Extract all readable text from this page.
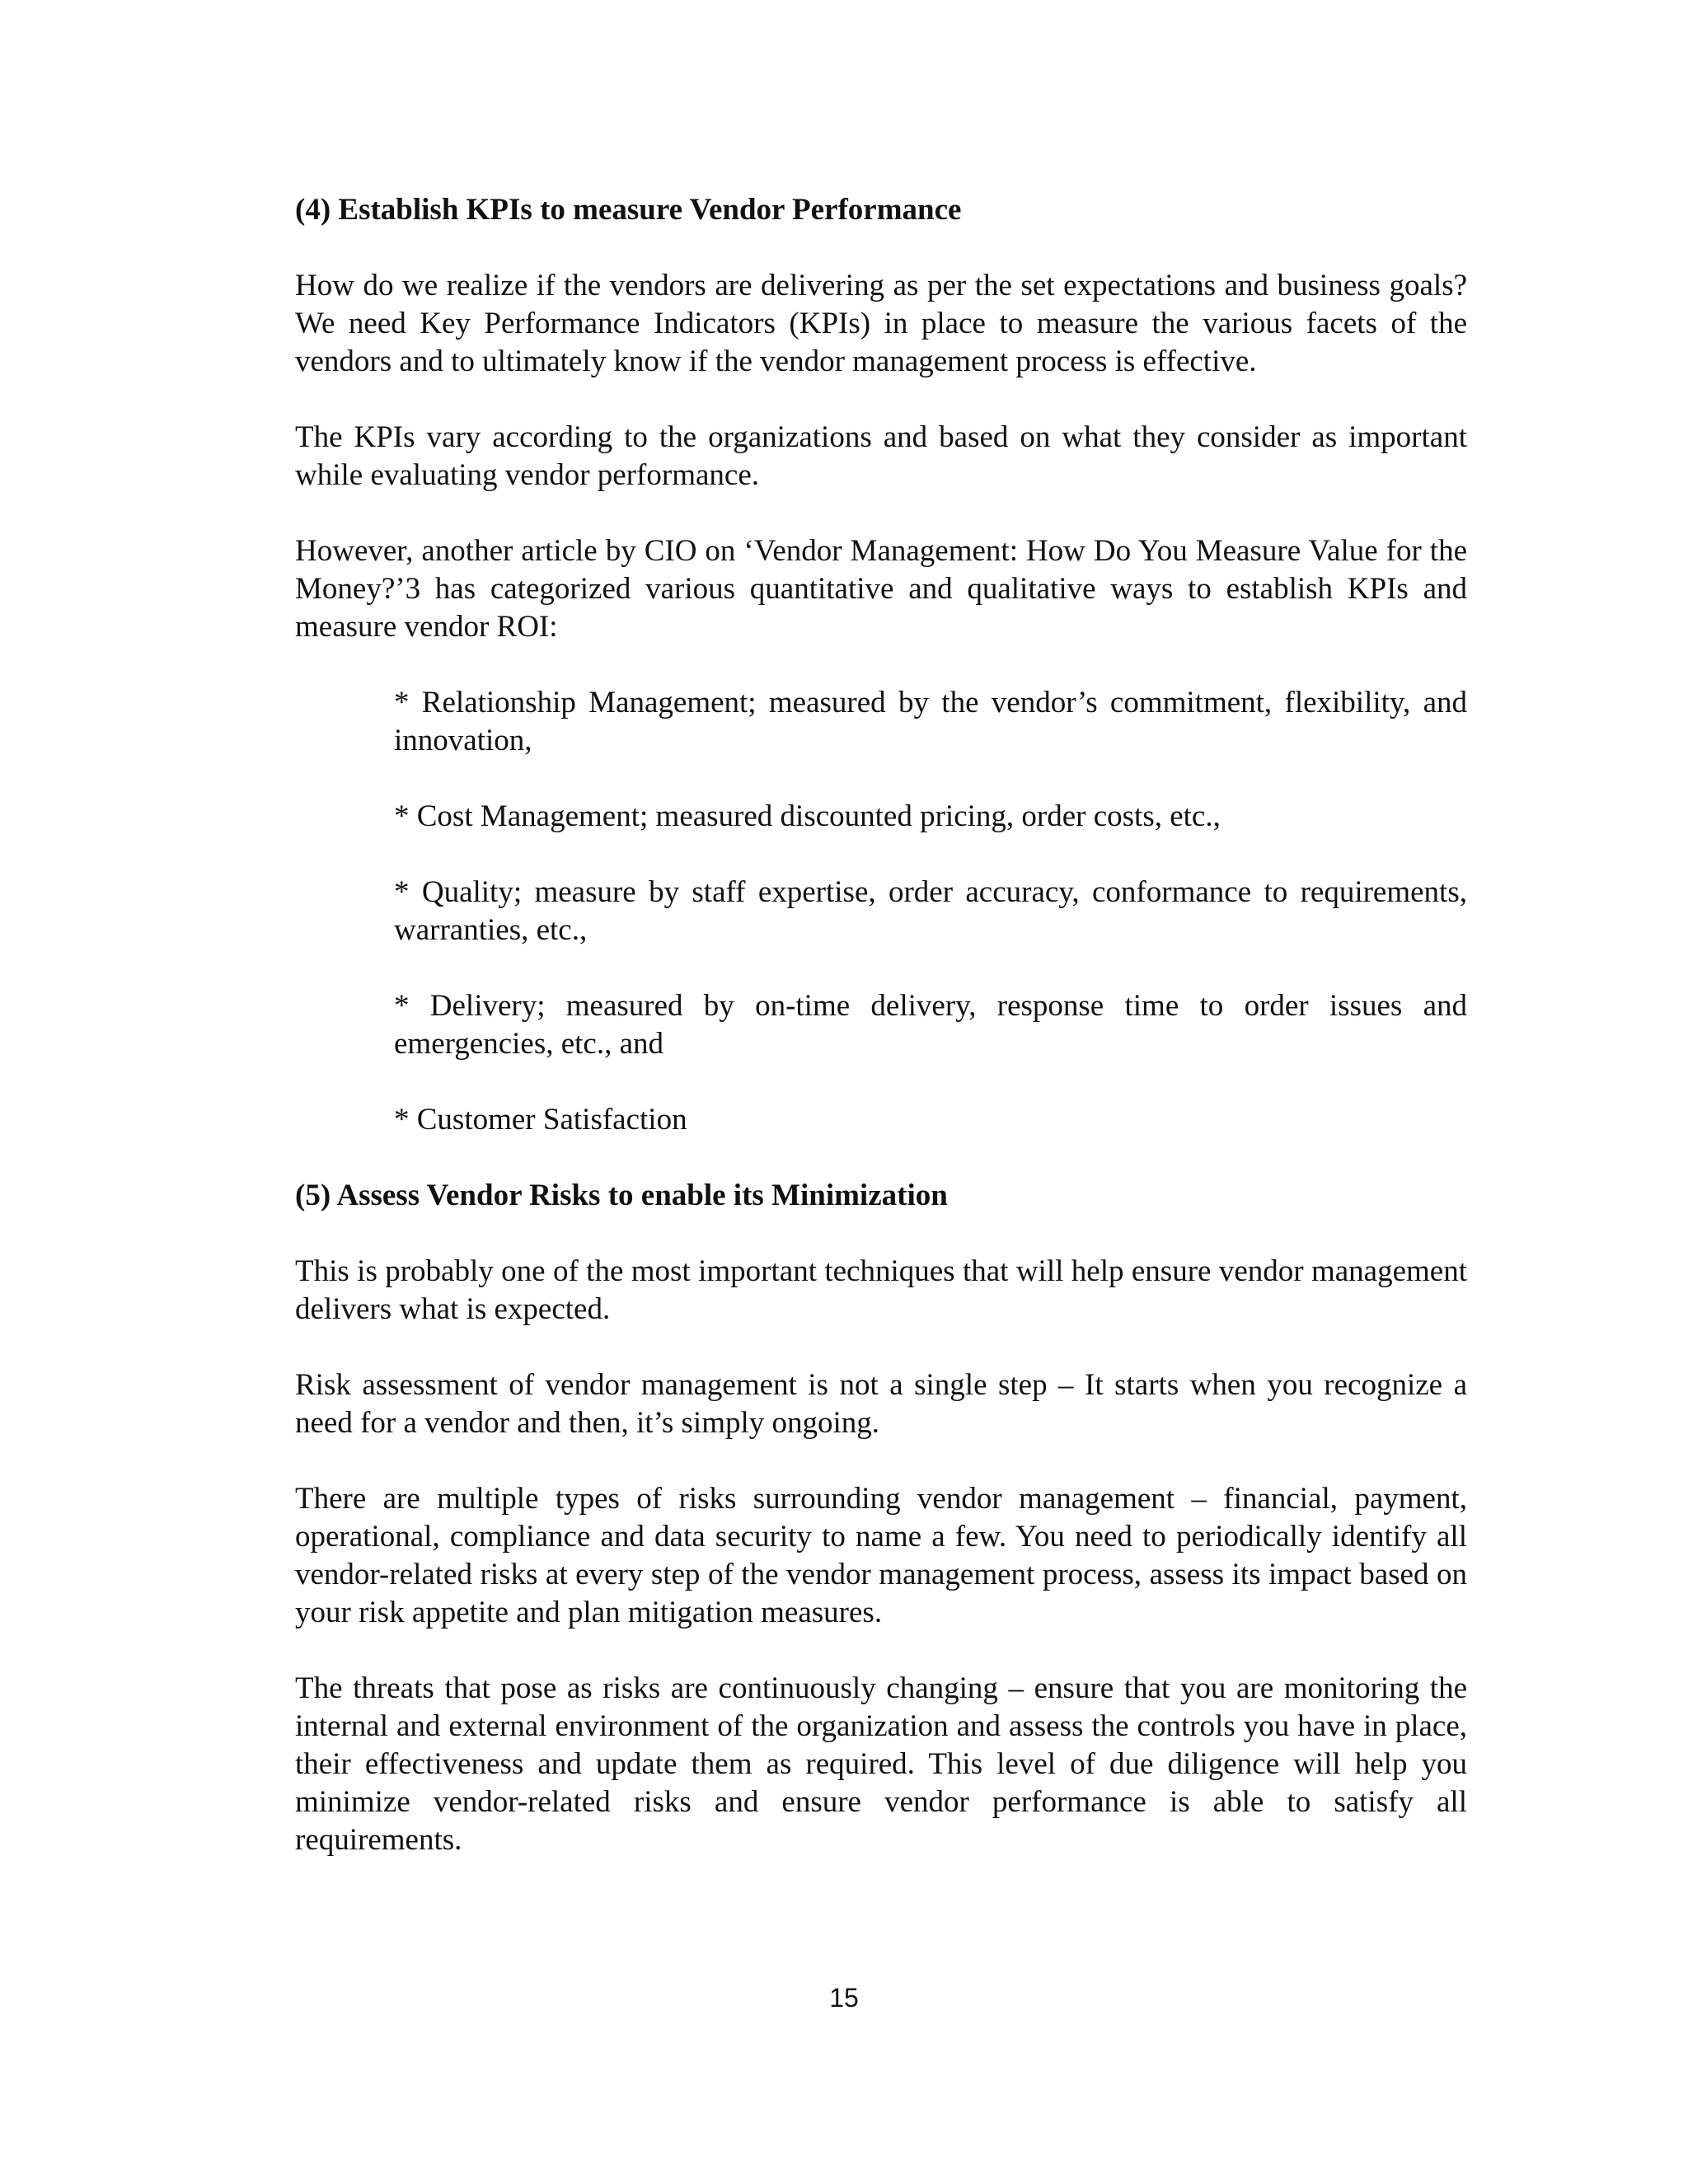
(4) Establish KPIs to measure Vendor Performance

How do we realize if the vendors are delivering as per the set expectations and business goals? We need Key Performance Indicators (KPIs) in place to measure the various facets of the vendors and to ultimately know if the vendor management process is effective.

The KPIs vary according to the organizations and based on what they consider as important while evaluating vendor performance.

However, another article by CIO on ‘Vendor Management: How Do You Measure Value for the Money?’3 has categorized various quantitative and qualitative ways to establish KPIs and measure vendor ROI:

* Relationship Management; measured by the vendor’s commitment, flexibility, and innovation,

* Cost Management; measured discounted pricing, order costs, etc.,

* Quality; measure by staff expertise, order accuracy, conformance to requirements, warranties, etc.,

* Delivery; measured by on-time delivery, response time to order issues and emergencies, etc., and

* Customer Satisfaction

(5) Assess Vendor Risks to enable its Minimization

This is probably one of the most important techniques that will help ensure vendor management delivers what is expected.

Risk assessment of vendor management is not a single step – It starts when you recognize a need for a vendor and then, it’s simply ongoing.

There are multiple types of risks surrounding vendor management – financial, payment, operational, compliance and data security to name a few. You need to periodically identify all vendor-related risks at every step of the vendor management process, assess its impact based on your risk appetite and plan mitigation measures.

The threats that pose as risks are continuously changing – ensure that you are monitoring the internal and external environment of the organization and assess the controls you have in place, their effectiveness and update them as required. This level of due diligence will help you minimize vendor-related risks and ensure vendor performance is able to satisfy all requirements.

15
